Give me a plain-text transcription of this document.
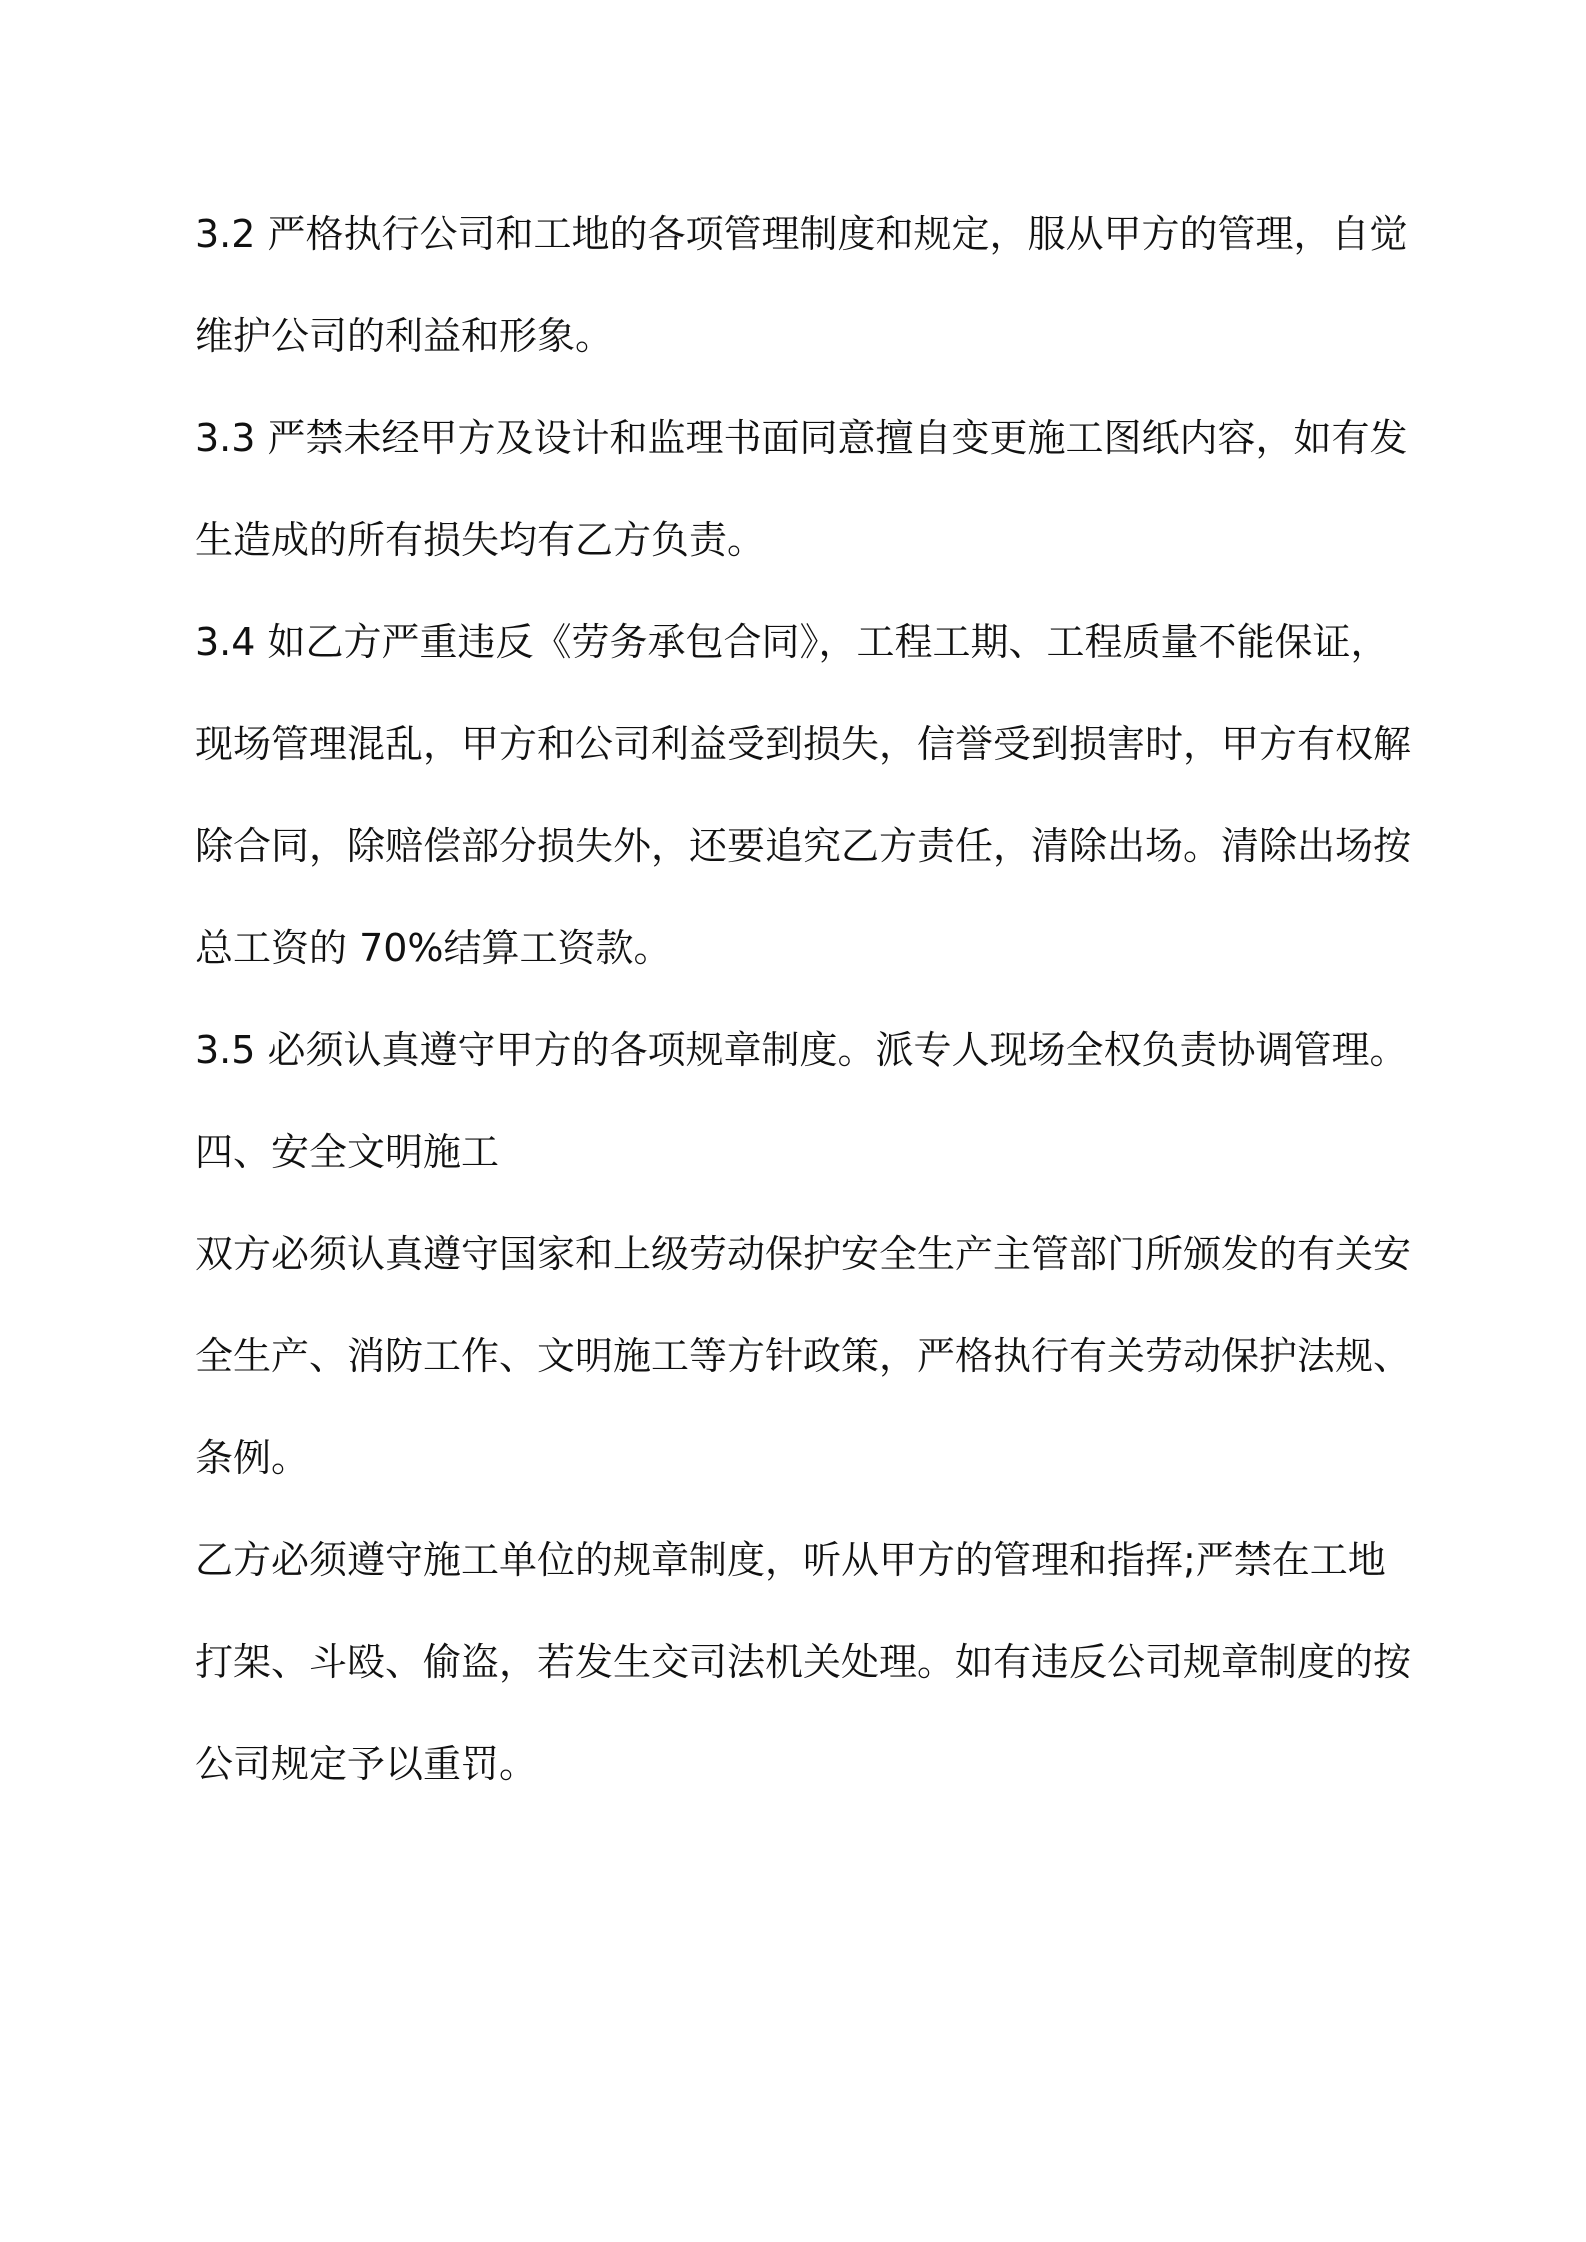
3.2 严格执行公司和工地的各项管理制度和规定，服从甲方的管理，自觉
维护公司的利益和形象。

3.3 严禁未经甲方及设计和监理书面同意擅自变更施工图纸内容，如有发
生造成的所有损失均有乙方负责。

3.4 如乙方严重违反《劳务承包合同》，工程工期、工程质量不能保证，
现场管理混乱，甲方和公司利益受到损失，信誉受到损害时，甲方有权解
除合同，除赔偿部分损失外，还要追究乙方责任，清除出场。清除出场按
总工资的 70%结算工资款。

3.5 必须认真遵守甲方的各项规章制度。派专人现场全权负责协调管理。

四、安全文明施工

双方必须认真遵守国家和上级劳动保护安全生产主管部门所颁发的有关安
全生产、消防工作、文明施工等方针政策，严格执行有关劳动保护法规、
条例。

乙方必须遵守施工单位的规章制度，听从甲方的管理和指挥;严禁在工地
打架、斗殴、偷盗，若发生交司法机关处理。如有违反公司规章制度的按
公司规定予以重罚。
